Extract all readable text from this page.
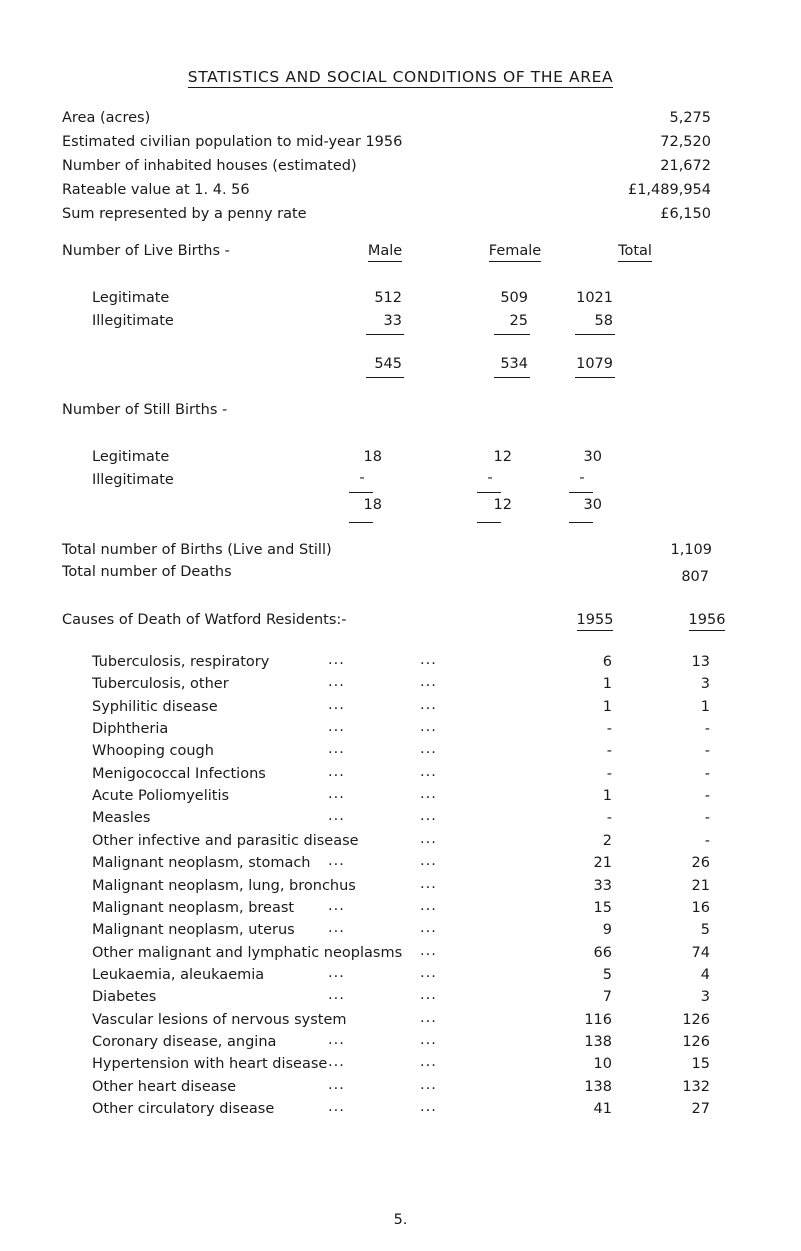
STATISTICS AND SOCIAL CONDITIONS OF THE AREA
Area (acres)	5,275
Estimated civilian population to mid-year 1956	72,520
Number of inhabited houses (estimated)	21,672
Rateable value at 1. 4. 56	£1,489,954
Sum represented by a penny rate	£6,150
Number of Live Births -	Male	Female	Total
Legitimate	512	509	1021
Illegitimate	33	25	58
545	534	1079
Number of Still Births -
Legitimate	18	12	30
Illegitimate	-	-	-
18	12	30
Total number of Births (Live and Still)	1,109
Total number of Deaths	807
Causes of Death of Watford Residents:-	1955	1956
Tuberculosis, respiratory	...	...	6	13
Tuberculosis, other	...	...	1	3
Syphilitic disease	...	...	1	1
Diphtheria	...	...	-	-
Whooping cough	...	...	-	-
Menigococcal Infections	...	...	-	-
Acute Poliomyelitis	...	...	1	-
Measles	...	...	-	-
Other infective and parasitic disease	...	2	-
Malignant neoplasm, stomach ...	...	21	26
Malignant neoplasm, lung, bronchus	...	33	21
Malignant neoplasm, breast ...	...	15	16
Malignant neoplasm, uterus ...	...	9	5
Other malignant and lymphatic neoplasms ...	66	74
Leukaemia, aleukaemia	...	...	5	4
Diabetes	...	...	7	3
Vascular lesions of nervous system	...	116	126
Coronary disease, angina	...	...	138	126
Hypertension with heart disease ...	...	10	15
Other heart disease	...	...	138	132
Other circulatory disease	...	...	41	27
5.
